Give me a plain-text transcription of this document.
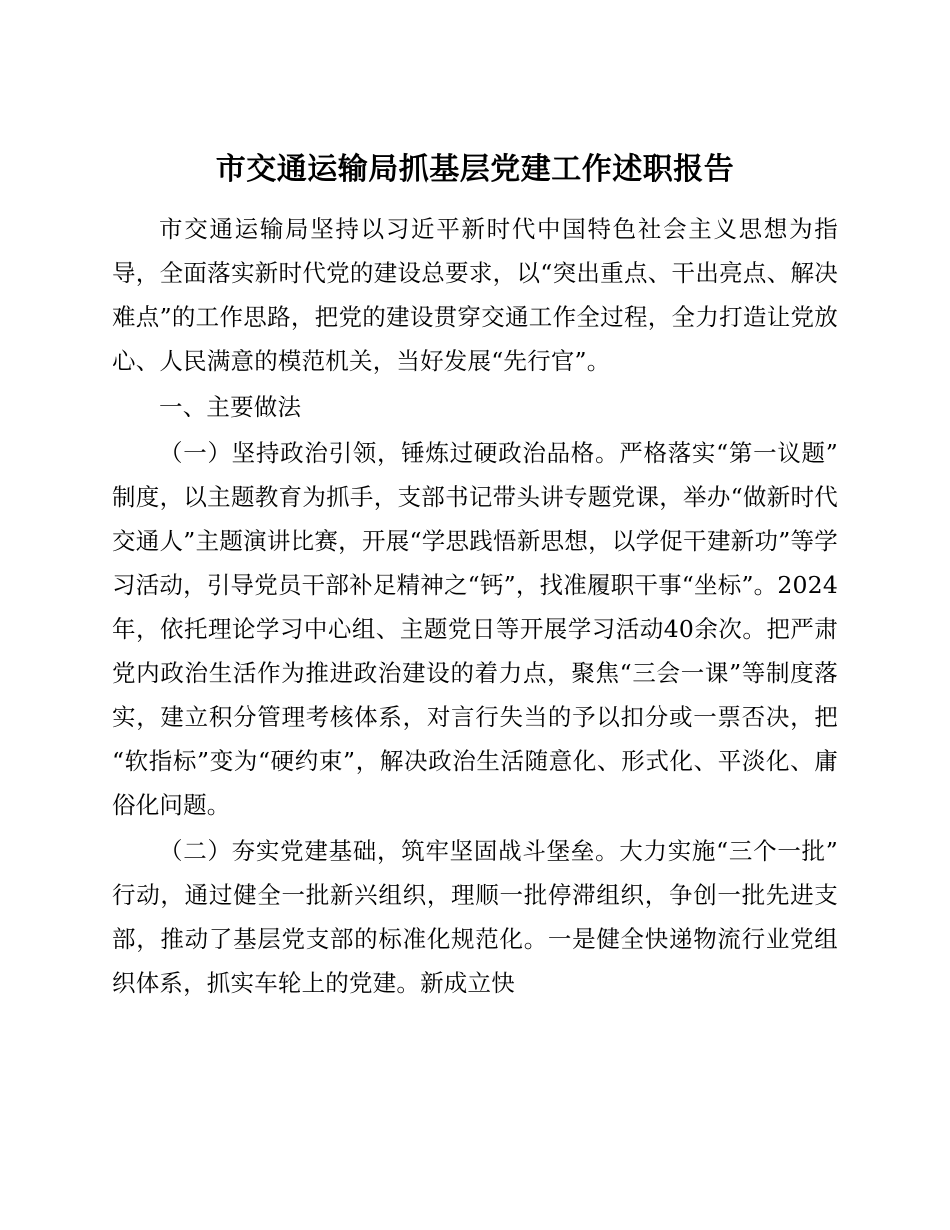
市交通运输局抓基层党建工作述职报告

市交通运输局坚持以习近平新时代中国特色社会主义思想为指导，全面落实新时代党的建设总要求，以“突出重点、干出亮点、解决难点”的工作思路，把党的建设贯穿交通工作全过程，全力打造让党放心、人民满意的模范机关，当好发展“先行官”。

一、主要做法

（一）坚持政治引领，锤炼过硬政治品格。严格落实“第一议题”制度，以主题教育为抓手，支部书记带头讲专题党课，举办“做新时代交通人”主题演讲比赛，开展“学思践悟新思想，以学促干建新功”等学习活动，引导党员干部补足精神之“钙”，找准履职干事“坐标”。2024年，依托理论学习中心组、主题党日等开展学习活动40余次。把严肃党内政治生活作为推进政治建设的着力点，聚焦“三会一课”等制度落实，建立积分管理考核体系，对言行失当的予以扣分或一票否决，把“软指标”变为“硬约束”，解决政治生活随意化、形式化、平淡化、庸俗化问题。

（二）夯实党建基础，筑牢坚固战斗堡垒。大力实施“三个一批”行动，通过健全一批新兴组织，理顺一批停滞组织，争创一批先进支部，推动了基层党支部的标准化规范化。一是健全快递物流行业党组织体系，抓实车轮上的党建。新成立快
